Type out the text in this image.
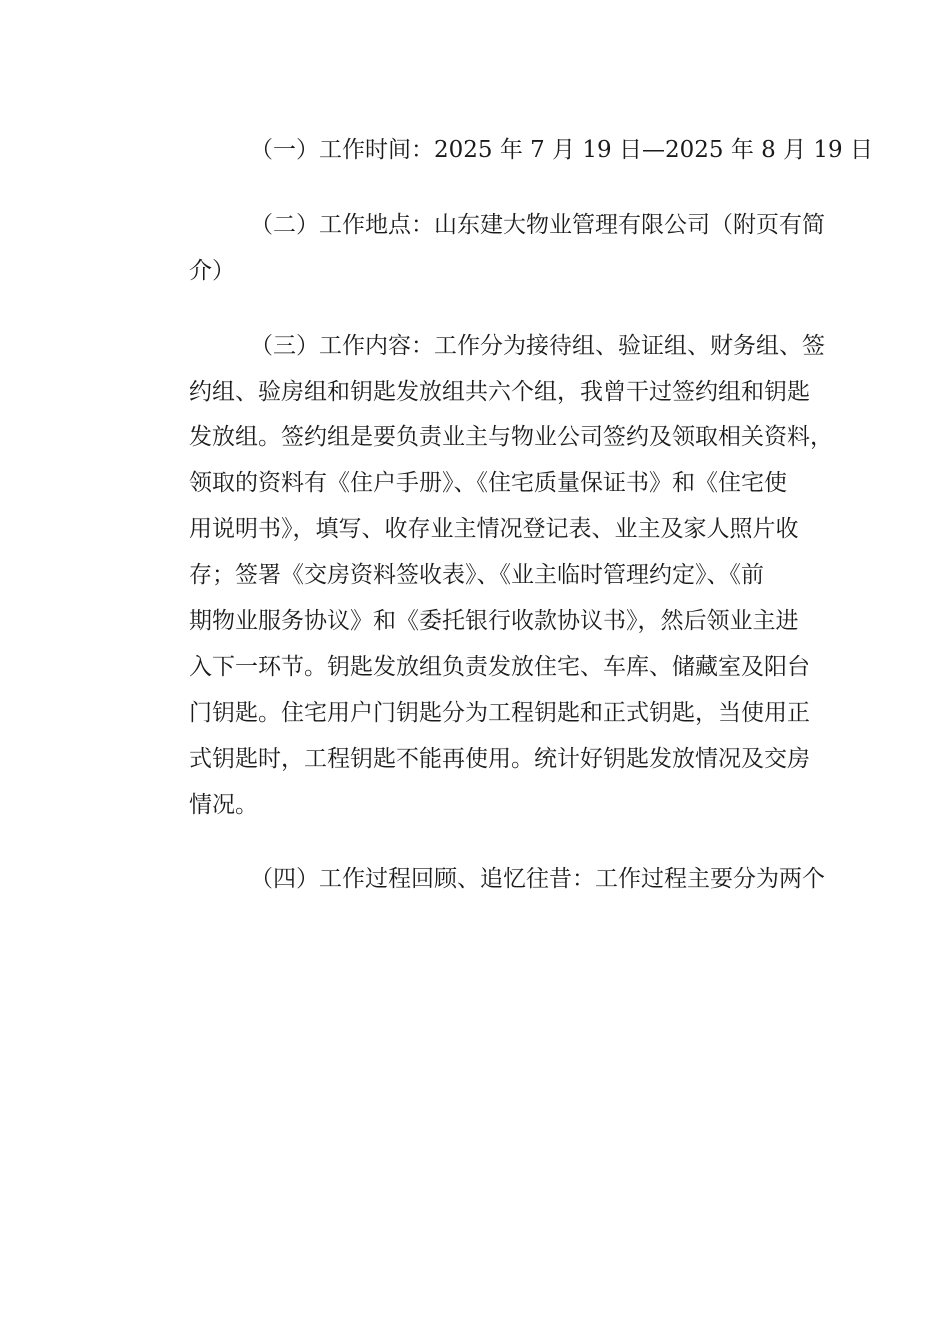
（一）工作时间：2025 年 7 月 19 日—2025 年 8 月 19 日
（二）工作地点：山东建大物业管理有限公司（附页有简
介）
（三）工作内容：工作分为接待组、验证组、财务组、签
约组、验房组和钥匙发放组共六个组，我曾干过签约组和钥匙
发放组。签约组是要负责业主与物业公司签约及领取相关资料，
领取的资料有《住户手册》、《住宅质量保证书》和《住宅使
用说明书》，填写、收存业主情况登记表、业主及家人照片收
存；签署《交房资料签收表》、《业主临时管理约定》、《前
期物业服务协议》和《委托银行收款协议书》，然后领业主进
入下一环节。钥匙发放组负责发放住宅、车库、储藏室及阳台
门钥匙。住宅用户门钥匙分为工程钥匙和正式钥匙，当使用正
式钥匙时，工程钥匙不能再使用。统计好钥匙发放情况及交房
情况。
（四）工作过程回顾、追忆往昔：工作过程主要分为两个
